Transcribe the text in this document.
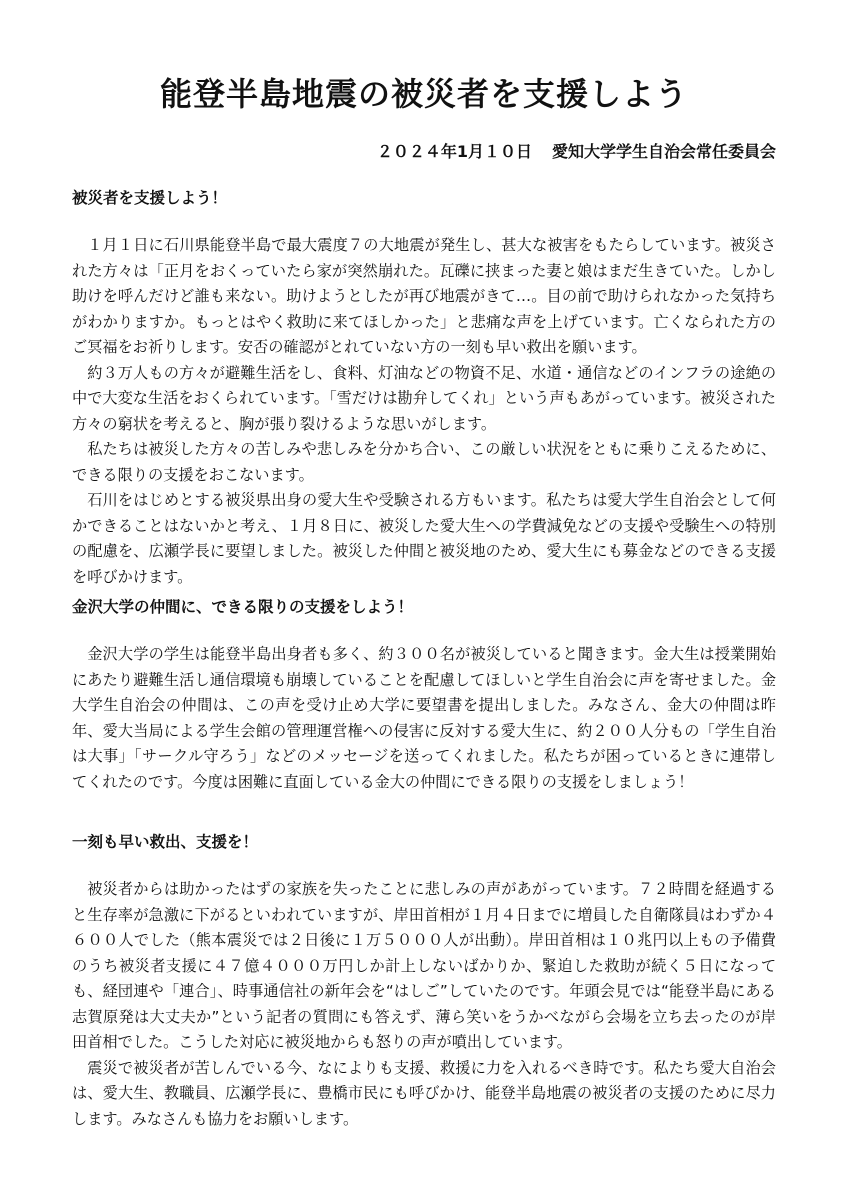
能登半島地震の被災者を支援しよう
２０２４年1月１０日 愛知大学学生自治会常任委員会
被災者を支援しよう！

１月１日に石川県能登半島で最大震度７の大地震が発生し、甚大な被害をもたらしています。被災された方々は「正月をおくっていたら家が突然崩れた。瓦礫に挟まった妻と娘はまだ生きていた。しかし助けを呼んだけど誰も来ない。助けようとしたが再び地震がきて…。目の前で助けられなかった気持ちがわかりますか。もっとはやく救助に来てほしかった」と悲痛な声を上げています。亡くなられた方のご冥福をお祈りします。安否の確認がとれていない方の一刻も早い救出を願います。

約３万人もの方々が避難生活をし、食料、灯油などの物資不足、水道・通信などのインフラの途絶の中で大変な生活をおくられています。「雪だけは勘弁してくれ」という声もあがっています。被災された方々の窮状を考えると、胸が張り裂けるような思いがします。

私たちは被災した方々の苦しみや悲しみを分かち合い、この厳しい状況をともに乗りこえるために、できる限りの支援をおこないます。

石川をはじめとする被災県出身の愛大生や受験される方もいます。私たちは愛大学生自治会として何かできることはないかと考え、１月８日に、被災した愛大生への学費減免などの支援や受験生への特別の配慮を、広瀬学長に要望しました。被災した仲間と被災地のため、愛大生にも募金などのできる支援を呼びかけます。

金沢大学の仲間に、できる限りの支援をしよう！

金沢大学の学生は能登半島出身者も多く、約３００名が被災していると聞きます。金大生は授業開始にあたり避難生活し通信環境も崩壊していることを配慮してほしいと学生自治会に声を寄せました。金大学生自治会の仲間は、この声を受け止め大学に要望書を提出しました。みなさん、金大の仲間は昨年、愛大当局による学生会館の管理運営権への侵害に反対する愛大生に、約２００人分もの「学生自治は大事」「サークル守ろう」などのメッセージを送ってくれました。私たちが困っているときに連帯してくれたのです。今度は困難に直面している金大の仲間にできる限りの支援をしましょう！

一刻も早い救出、支援を！

被災者からは助かったはずの家族を失ったことに悲しみの声があがっています。７２時間を経過すると生存率が急激に下がるといわれていますが、岸田首相が１月４日までに増員した自衛隊員はわずか４６００人でした（熊本震災では２日後に１万５０００人が出動）。岸田首相は１０兆円以上もの予備費のうち被災者支援に４７億４０００万円しか計上しないばかりか、緊迫した救助が続く５日になっても、経団連や「連合」、時事通信社の新年会を“はしご”していたのです。年頭会見では“能登半島にある志賀原発は大丈夫か”という記者の質問にも答えず、薄ら笑いをうかべながら会場を立ち去ったのが岸田首相でした。こうした対応に被災地からも怒りの声が噴出しています。

震災で被災者が苦しんでいる今、なによりも支援、救援に力を入れるべき時です。私たち愛大自治会は、愛大生、教職員、広瀬学長に、豊橋市民にも呼びかけ、能登半島地震の被災者の支援のために尽力します。みなさんも協力をお願いします。
